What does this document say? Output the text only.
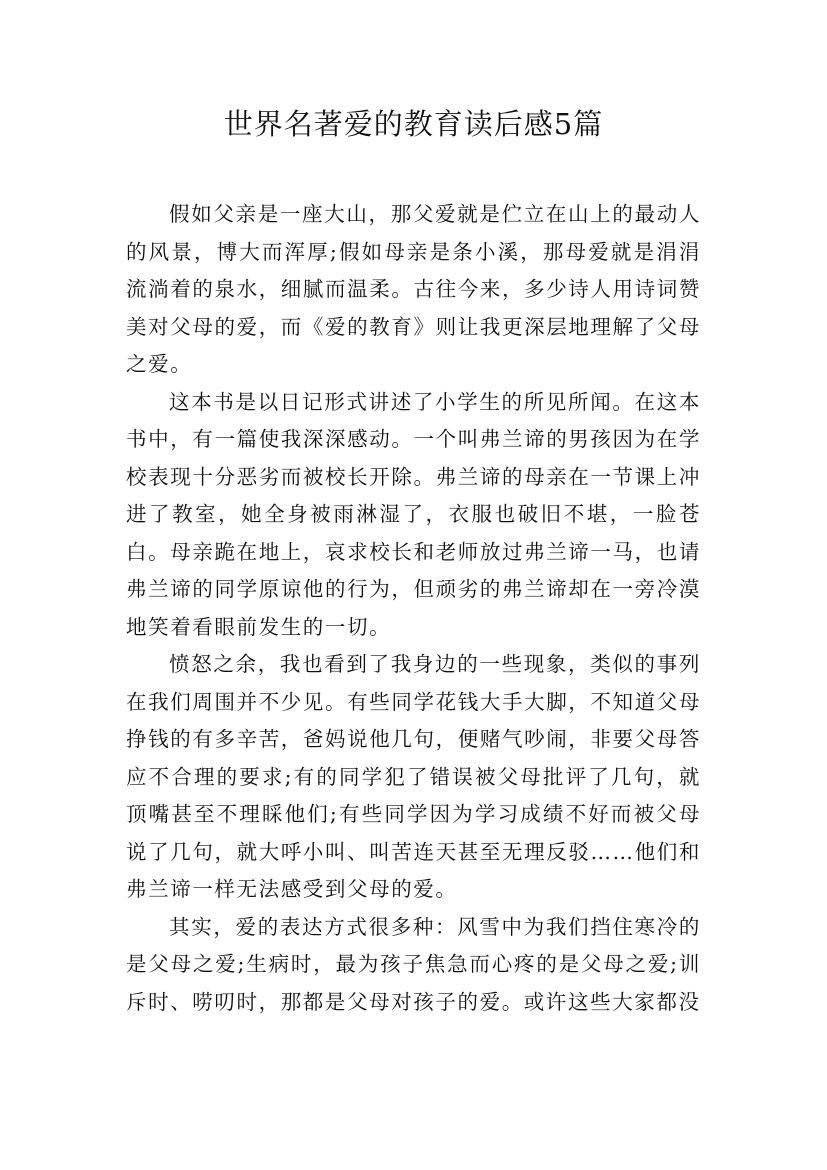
世界名著爱的教育读后感5篇

假如父亲是一座大山，那父爱就是伫立在山上的最动人的风景，博大而浑厚;假如母亲是条小溪，那母爱就是涓涓流淌着的泉水，细腻而温柔。古往今来，多少诗人用诗词赞美对父母的爱，而《爱的教育》则让我更深层地理解了父母之爱。

这本书是以日记形式讲述了小学生的所见所闻。在这本书中，有一篇使我深深感动。一个叫弗兰谛的男孩因为在学校表现十分恶劣而被校长开除。弗兰谛的母亲在一节课上冲进了教室，她全身被雨淋湿了，衣服也破旧不堪，一脸苍白。母亲跪在地上，哀求校长和老师放过弗兰谛一马，也请弗兰谛的同学原谅他的行为，但顽劣的弗兰谛却在一旁冷漠地笑着看眼前发生的一切。

愤怒之余，我也看到了我身边的一些现象，类似的事列在我们周围并不少见。有些同学花钱大手大脚，不知道父母挣钱的有多辛苦，爸妈说他几句，便赌气吵闹，非要父母答应不合理的要求;有的同学犯了错误被父母批评了几句，就顶嘴甚至不理睬他们;有些同学因为学习成绩不好而被父母说了几句，就大呼小叫、叫苦连天甚至无理反驳……他们和弗兰谛一样无法感受到父母的爱。

其实，爱的表达方式很多种：风雪中为我们挡住寒冷的是父母之爱;生病时，最为孩子焦急而心疼的是父母之爱;训斥时、唠叨时，那都是父母对孩子的爱。或许这些大家都没
